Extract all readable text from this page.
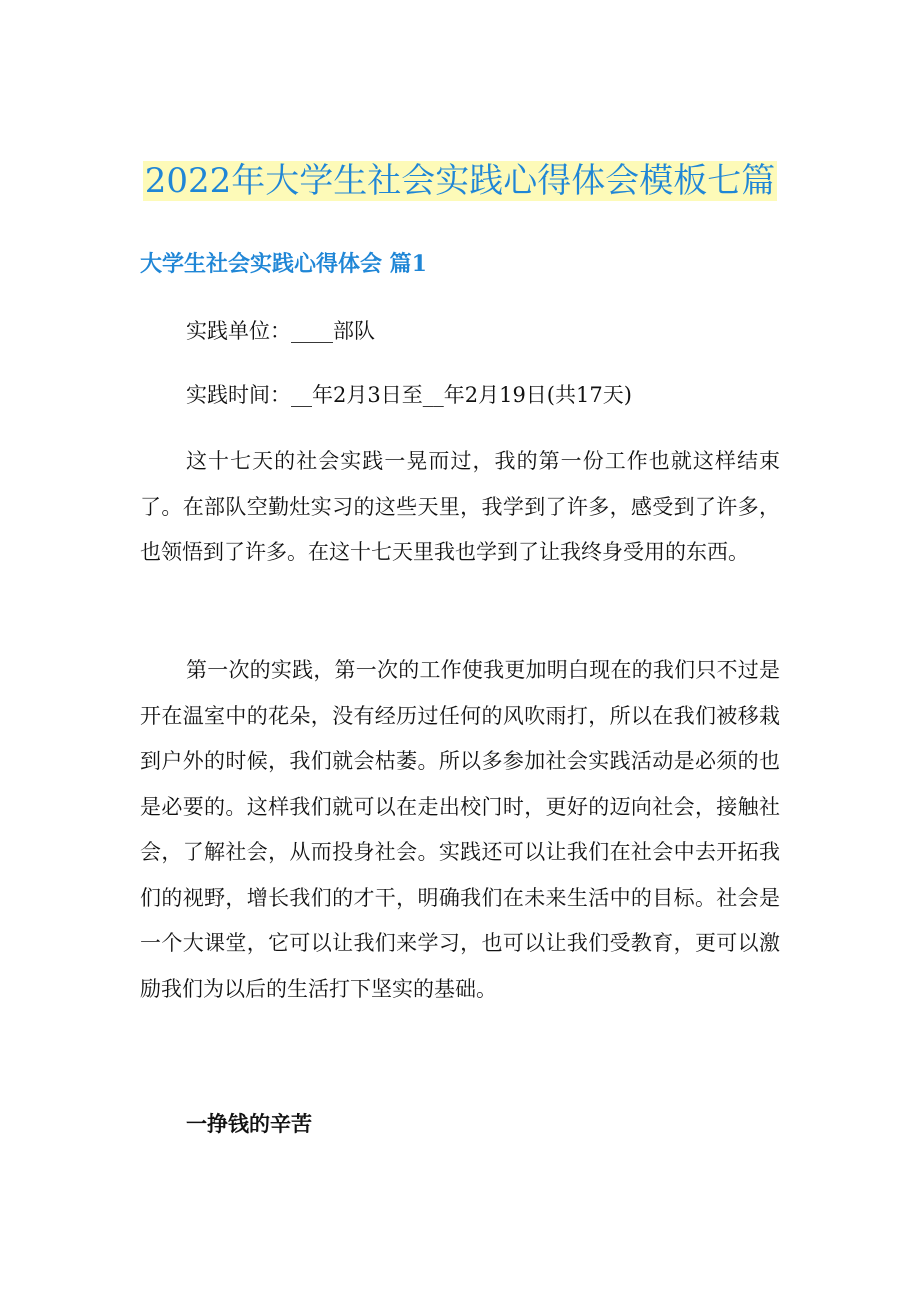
2022年大学生社会实践心得体会模板七篇
大学生社会实践心得体会 篇1
实践单位：____部队
实践时间：__年2月3日至__年2月19日(共17天)

这十七天的社会实践一晃而过，我的第一份工作也就这样结束了。在部队空勤灶实习的这些天里，我学到了许多，感受到了许多，也领悟到了许多。在这十七天里我也学到了让我终身受用的东西。

第一次的实践，第一次的工作使我更加明白现在的我们只不过是开在温室中的花朵，没有经历过任何的风吹雨打，所以在我们被移栽到户外的时候，我们就会枯萎。所以多参加社会实践活动是必须的也是必要的。这样我们就可以在走出校门时，更好的迈向社会，接触社会，了解社会，从而投身社会。实践还可以让我们在社会中去开拓我们的视野，增长我们的才干，明确我们在未来生活中的目标。社会是一个大课堂，它可以让我们来学习，也可以让我们受教育，更可以激励我们为以后的生活打下坚实的基础。

一挣钱的辛苦
